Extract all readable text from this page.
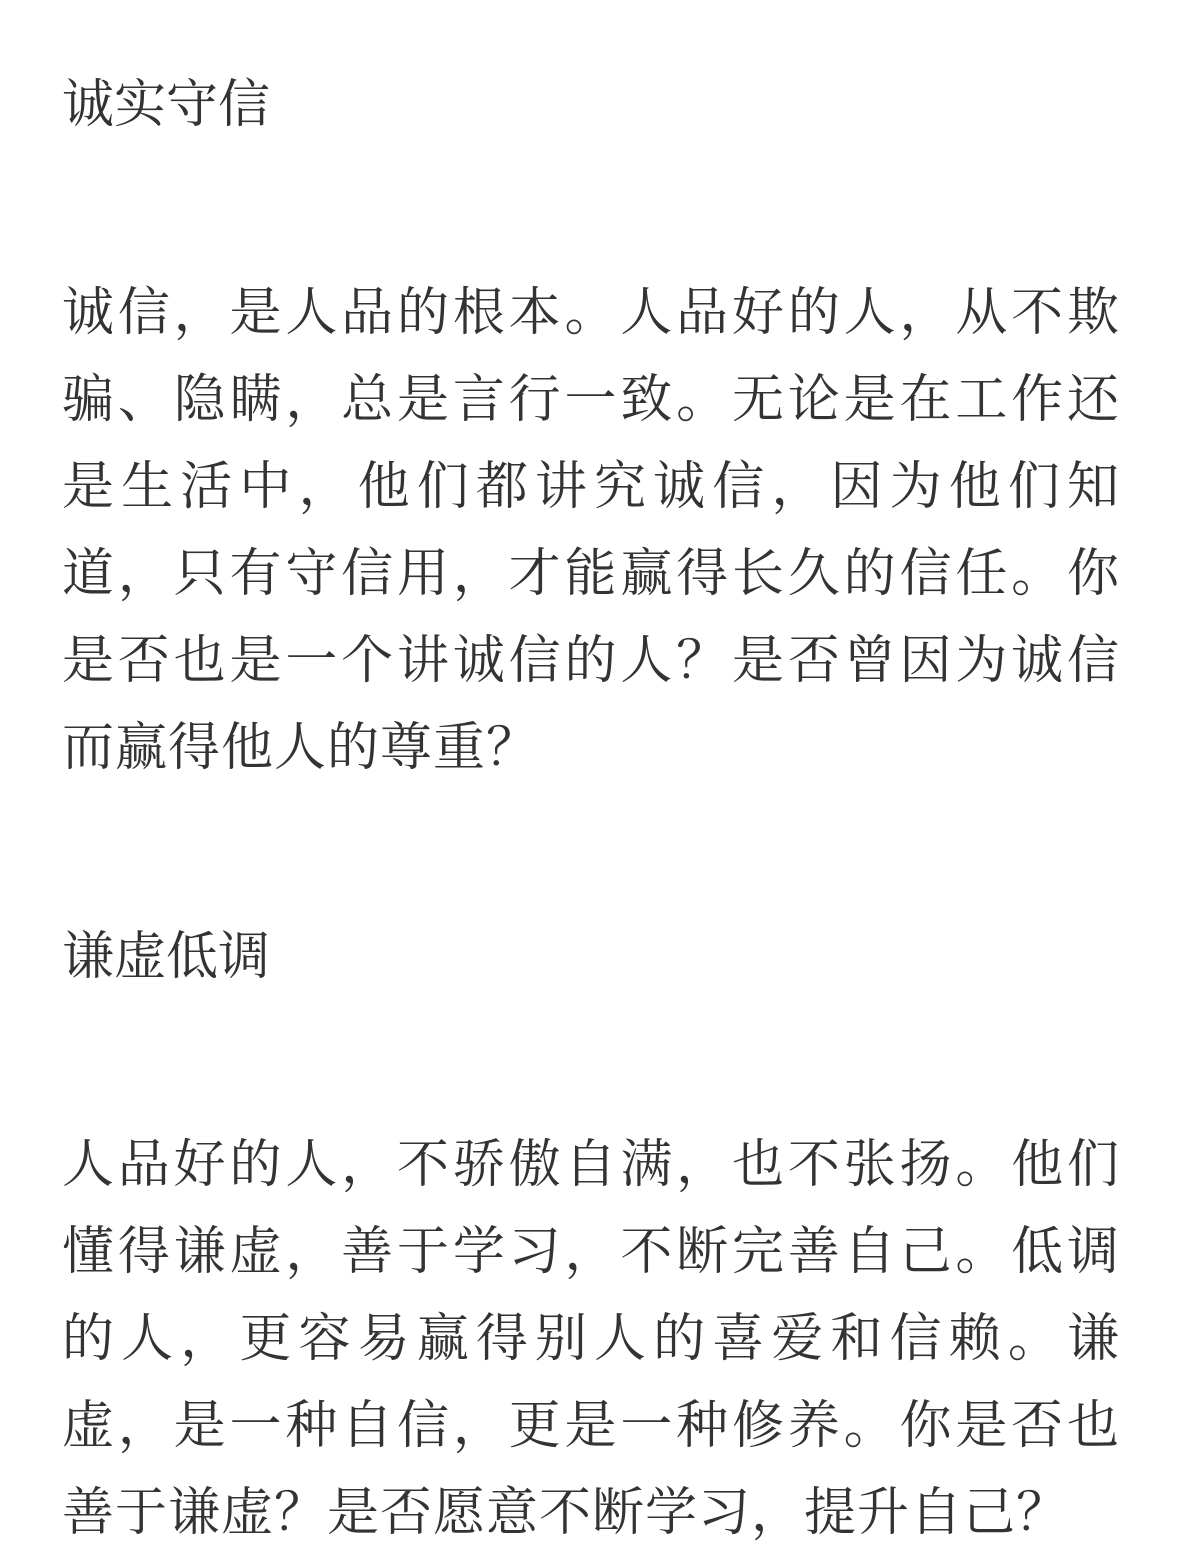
诚实守信

诚信，是人品的根本。人品好的人，从不欺骗、隐瞒，总是言行一致。无论是在工作还是生活中，他们都讲究诚信，因为他们知道，只有守信用，才能赢得长久的信任。你是否也是一个讲诚信的人？是否曾因为诚信而赢得他人的尊重？

谦虚低调

人品好的人，不骄傲自满，也不张扬。他们懂得谦虚，善于学习，不断完善自己。低调的人，更容易赢得别人的喜爱和信赖。谦虚，是一种自信，更是一种修养。你是否也善于谦虚？是否愿意不断学习，提升自己？
